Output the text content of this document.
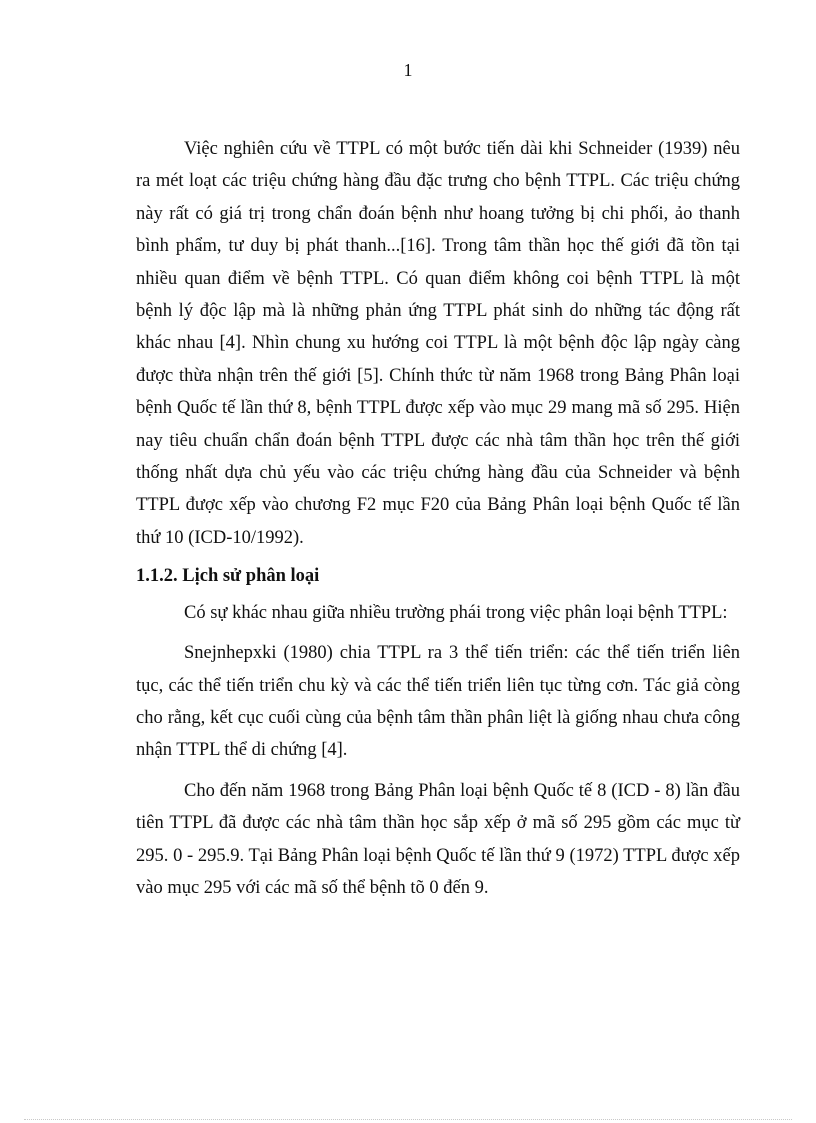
1

Việc nghiên cứu về TTPL có một bước tiến dài khi Schneider (1939) nêu ra mét loạt các triệu chứng hàng đầu đặc trưng cho bệnh TTPL. Các triệu chứng này rất có giá trị trong chẩn đoán bệnh như hoang tưởng bị chi phối, ảo thanh bình phẩm, tư duy bị phát thanh...[16]. Trong tâm thần học thế giới đã tồn tại nhiều quan điểm về bệnh TTPL. Có quan điểm không coi bệnh TTPL là một bệnh lý độc lập mà là những phản ứng TTPL phát sinh do những tác động rất khác nhau [4]. Nhìn chung xu hướng coi TTPL là một bệnh độc lập ngày càng được thừa nhận trên thế giới [5]. Chính thức từ năm 1968 trong Bảng Phân loại bệnh Quốc tế lần thứ 8, bệnh TTPL được xếp vào mục 29 mang mã số 295. Hiện nay tiêu chuẩn chẩn đoán bệnh TTPL được các nhà tâm thần học trên thế giới thống nhất dựa chủ yếu vào các triệu chứng hàng đầu của Schneider và bệnh TTPL được xếp vào chương F2 mục F20 của Bảng Phân loại bệnh Quốc tế lần thứ 10 (ICD-10/1992).

1.1.2. Lịch sử phân loại

Có sự khác nhau giữa nhiều trường phái trong việc phân loại bệnh TTPL:

Snejnhepxki (1980) chia TTPL ra 3 thể tiến triển: các thể tiến triển liên tục, các thể tiến triển chu kỳ và các thể tiến triển liên tục từng cơn. Tác giả còng cho rằng, kết cục cuối cùng của bệnh tâm thần phân liệt là giống nhau chưa công nhận TTPL thể di chứng [4].

Cho đến năm 1968 trong Bảng Phân loại bệnh Quốc tế 8 (ICD - 8) lần đầu tiên TTPL đã được các nhà tâm thần học sắp xếp ở mã số 295 gồm các mục từ 295. 0 - 295.9. Tại Bảng Phân loại bệnh Quốc tế lần thứ 9 (1972) TTPL được xếp vào mục 295 với các mã số thể bệnh tõ 0 đến 9.
